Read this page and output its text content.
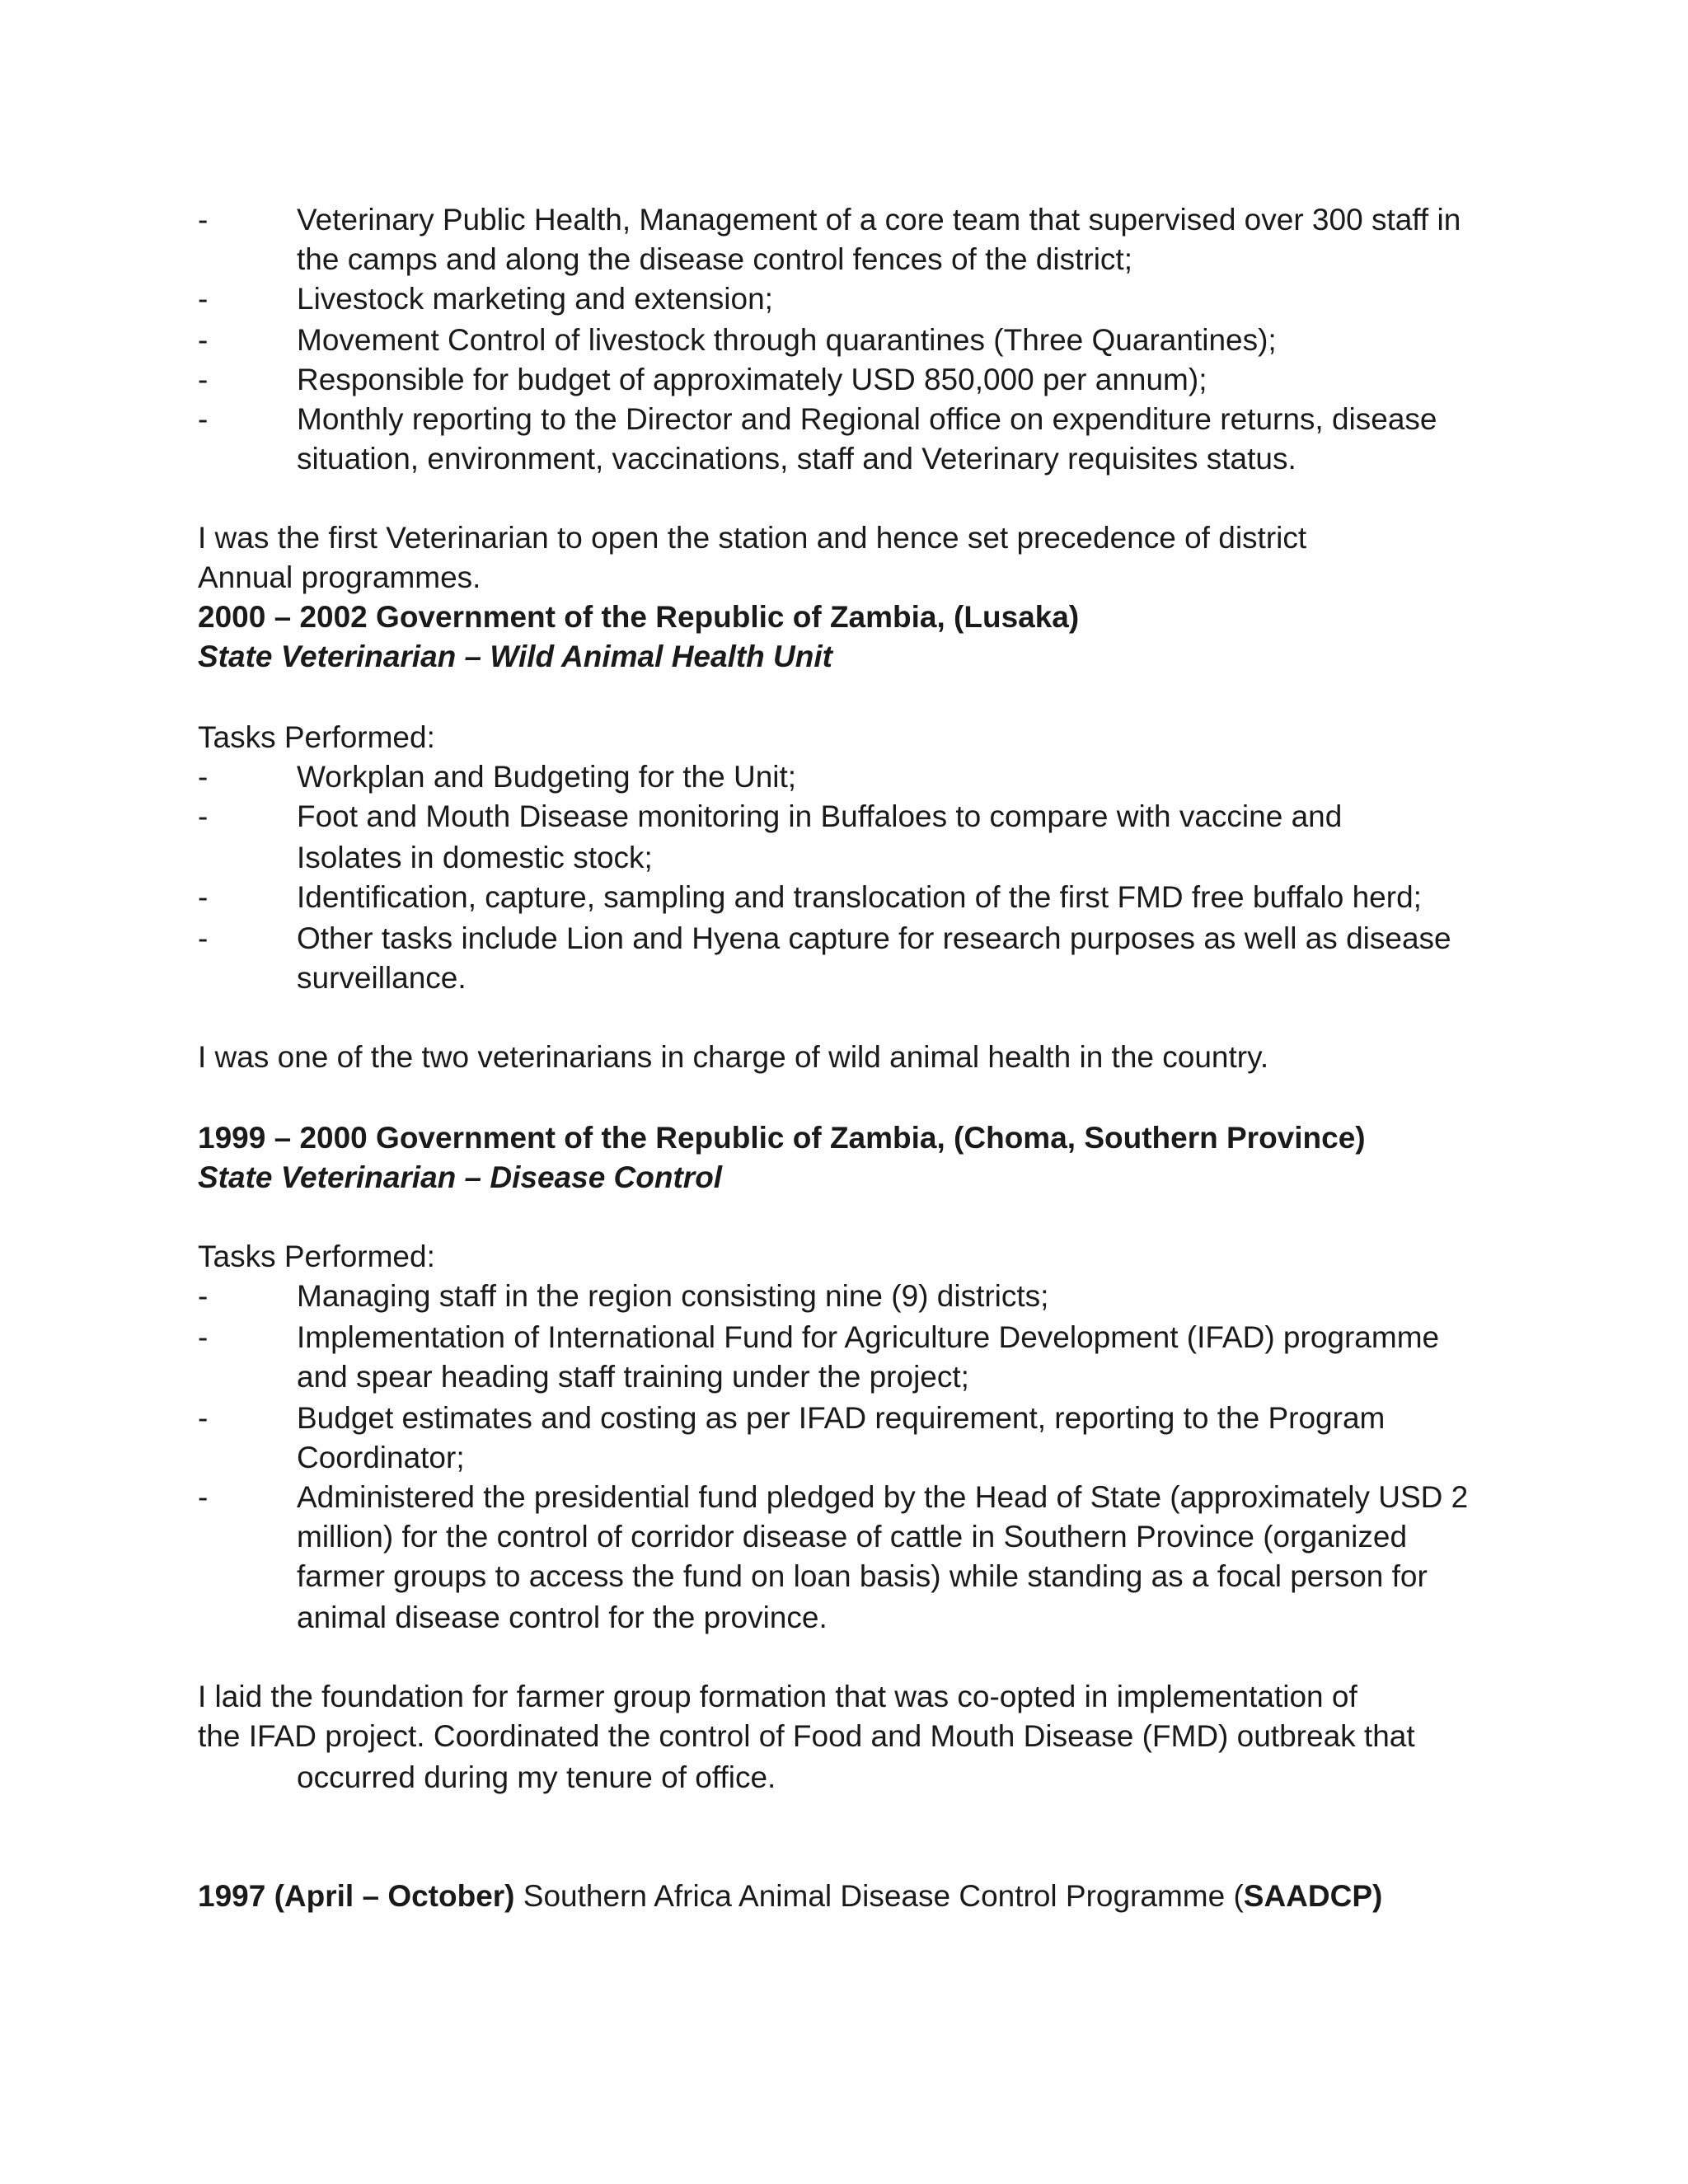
-	Veterinary Public Health, Management of a core team that supervised over 300 staff in
the camps and along the disease control fences of the district;
-	Livestock marketing and extension;
-	Movement Control of livestock through quarantines (Three Quarantines);
-	Responsible for budget of approximately USD 850,000 per annum);
-	Monthly reporting to the Director and Regional office on expenditure returns, disease
situation, environment, vaccinations, staff and Veterinary requisites status.
I was the first Veterinarian to open the station and hence set precedence of district
Annual programmes.
2000 – 2002 Government of the Republic of Zambia, (Lusaka)
State Veterinarian – Wild Animal Health Unit
Tasks Performed:
-	Workplan and Budgeting for the Unit;
-	Foot and Mouth Disease monitoring in Buffaloes to compare with vaccine and
Isolates in domestic stock;
-	Identification, capture, sampling and translocation of the first FMD free buffalo herd;
-	Other tasks include Lion and Hyena capture for research purposes as well as disease
surveillance.
I was one of the two veterinarians in charge of wild animal health in the country.
1999 – 2000 Government of the Republic of Zambia, (Choma, Southern Province)
State Veterinarian – Disease Control
Tasks Performed:
-	Managing staff in the region consisting nine (9) districts;
-	Implementation of International Fund for Agriculture Development (IFAD) programme
and spear heading staff training under the project;
-	Budget estimates and costing as per IFAD requirement, reporting to the Program
Coordinator;
-	Administered the presidential fund pledged by the Head of State (approximately USD 2
million) for the control of corridor disease of cattle in Southern Province (organized
farmer groups to access the fund on loan basis) while standing as a focal person for
animal disease control for the province.
I laid the foundation for farmer group formation that was co-opted in implementation of
the IFAD project. Coordinated the control of Food and Mouth Disease (FMD) outbreak that
occurred during my tenure of office.
1997 (April – October) Southern Africa Animal Disease Control Programme (SAADCP)
